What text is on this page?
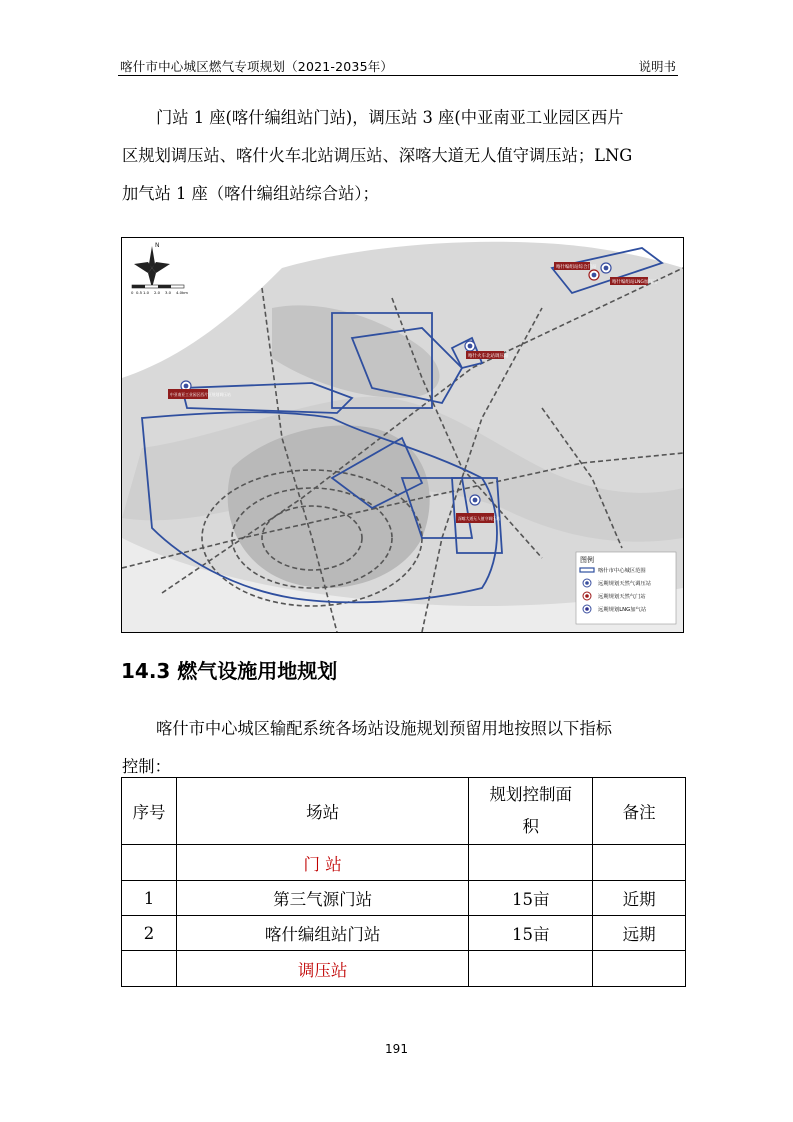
喀什市中心城区燃气专项规划（2021-2035年）	说明书
门站 1 座(喀什编组站门站)，调压站 3 座(中亚南亚工业园区西片
区规划调压站、喀什火车北站调压站、深喀大道无人值守调压站；LNG
加气站 1 座（喀什编组站综合站）；
N
0 0.5 1.0 2.0 3.0 4.0 km
喀什编组站综合门站
喀什编组站LNG加气站
喀什火车北站调压站
中亚南亚工业园区西片区规划调压站
深喀大道无人值守调压站
图例
喀什市中心城区范围
远期规划天然气调压站
远期规划天然气门站
远期规划LNG加气站
14.3 燃气设施用地规划
喀什市中心城区输配系统各场站设施规划预留用地按照以下指标
控制：
序号	场站	规划控制面积	备注
	门 站		
1	第三气源门站	15亩	近期
2	喀什编组站门站	15亩	远期
	调压站		
191
